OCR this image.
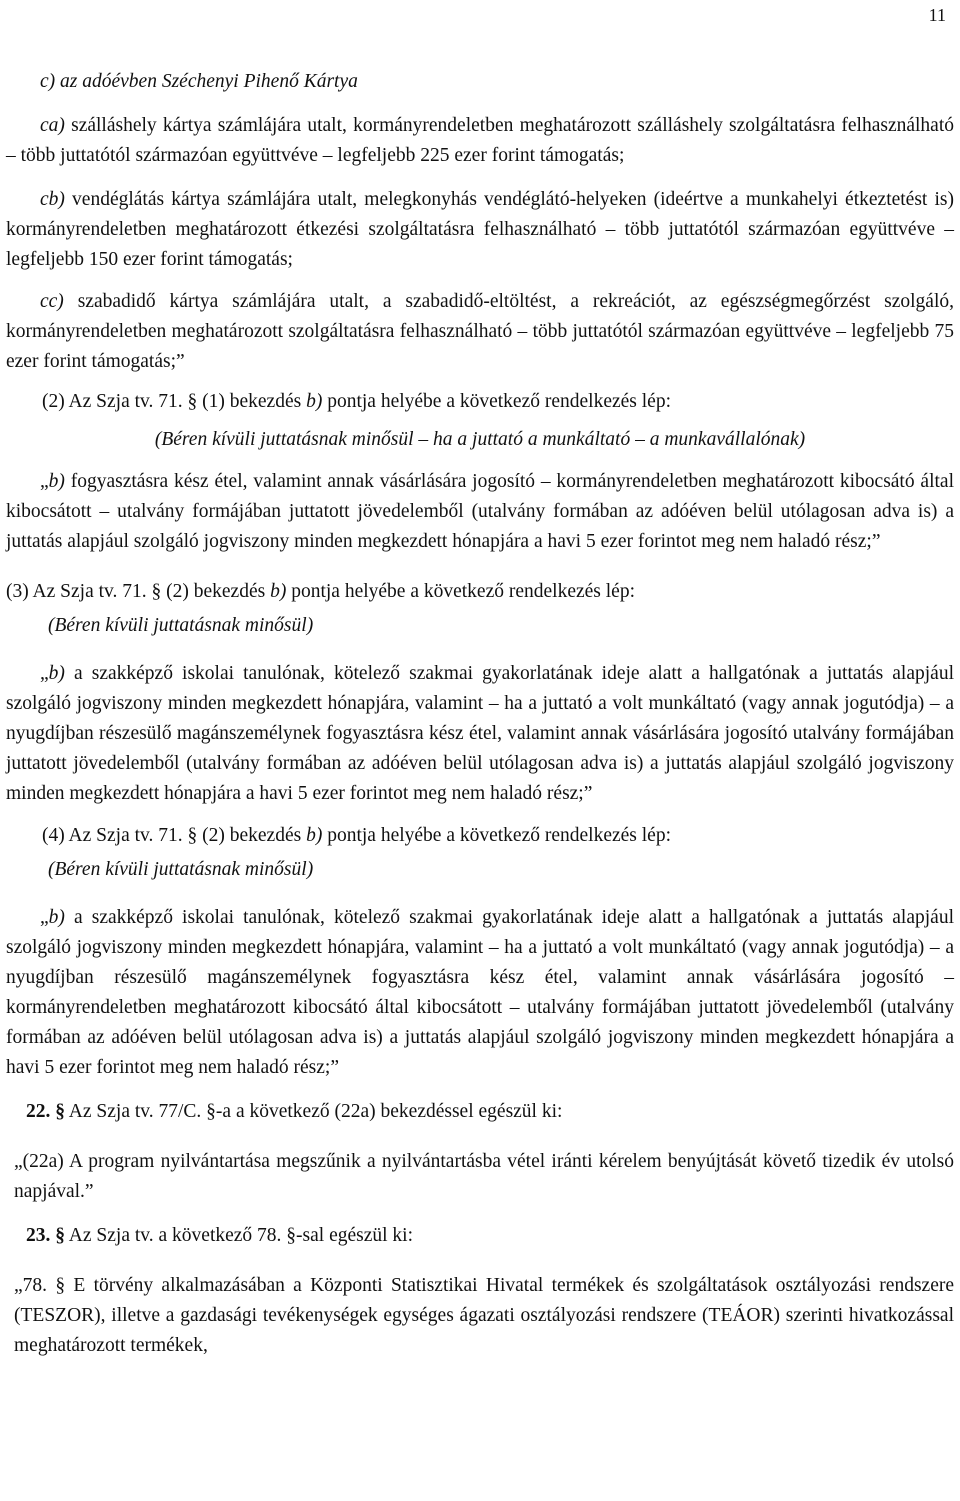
11

c) az adóévben Széchenyi Pihenő Kártya

ca) szálláshely kártya számlájára utalt, kormányrendeletben meghatározott szálláshely szolgáltatásra felhasználható – több juttatótól származóan együttvéve – legfeljebb 225 ezer forint támogatás;

cb) vendéglátás kártya számlájára utalt, melegkonyhás vendéglátó-helyeken (ideértve a munkahelyi étkeztetést is) kormányrendeletben meghatározott étkezési szolgáltatásra felhasználható – több juttatótól származóan együttvéve – legfeljebb 150 ezer forint támogatás;

cc) szabadidő kártya számlájára utalt, a szabadidő-eltöltést, a rekreációt, az egészségmegőrzést szolgáló, kormányrendeletben meghatározott szolgáltatásra felhasználható – több juttatótól származóan együttvéve – legfeljebb 75 ezer forint támogatás;”

(2) Az Szja tv. 71. § (1) bekezdés b) pontja helyébe a következő rendelkezés lép:

(Béren kívüli juttatásnak minősül – ha a juttató a munkáltató – a munkavállalónak)

„b) fogyasztásra kész étel, valamint annak vásárlására jogosító – kormányrendeletben meghatározott kibocsátó által kibocsátott – utalvány formájában juttatott jövedelemből (utalvány formában az adóéven belül utólagosan adva is) a juttatás alapjául szolgáló jogviszony minden megkezdett hónapjára a havi 5 ezer forintot meg nem haladó rész;”

(3) Az Szja tv. 71. § (2) bekezdés b) pontja helyébe a következő rendelkezés lép:

(Béren kívüli juttatásnak minősül)

„b) a szakképző iskolai tanulónak, kötelező szakmai gyakorlatának ideje alatt a hallgatónak a juttatás alapjául szolgáló jogviszony minden megkezdett hónapjára, valamint – ha a juttató a volt munkáltató (vagy annak jogutódja) – a nyugdíjban részesülő magánszemélynek fogyasztásra kész étel, valamint annak vásárlására jogosító utalvány formájában juttatott jövedelemből (utalvány formában az adóéven belül utólagosan adva is) a juttatás alapjául szolgáló jogviszony minden megkezdett hónapjára a havi 5 ezer forintot meg nem haladó rész;”

(4) Az Szja tv. 71. § (2) bekezdés b) pontja helyébe a következő rendelkezés lép:

(Béren kívüli juttatásnak minősül)

„b) a szakképző iskolai tanulónak, kötelező szakmai gyakorlatának ideje alatt a hallgatónak a juttatás alapjául szolgáló jogviszony minden megkezdett hónapjára, valamint – ha a juttató a volt munkáltató (vagy annak jogutódja) – a nyugdíjban részesülő magánszemélynek fogyasztásra kész étel, valamint annak vásárlására jogosító – kormányrendeletben meghatározott kibocsátó által kibocsátott – utalvány formájában juttatott jövedelemből (utalvány formában az adóéven belül utólagosan adva is) a juttatás alapjául szolgáló jogviszony minden megkezdett hónapjára a havi 5 ezer forintot meg nem haladó rész;”

22. § Az Szja tv. 77/C. §-a a következő (22a) bekezdéssel egészül ki:

„(22a) A program nyilvántartása megszűnik a nyilvántartásba vétel iránti kérelem benyújtását követő tizedik év utolsó napjával.”

23. § Az Szja tv. a következő 78. §-sal egészül ki:

„78. § E törvény alkalmazásában a Központi Statisztikai Hivatal termékek és szolgáltatások osztályozási rendszere (TESZOR), illetve a gazdasági tevékenységek egységes ágazati osztályozási rendszere (TEÁOR) szerinti hivatkozással meghatározott termékek,
